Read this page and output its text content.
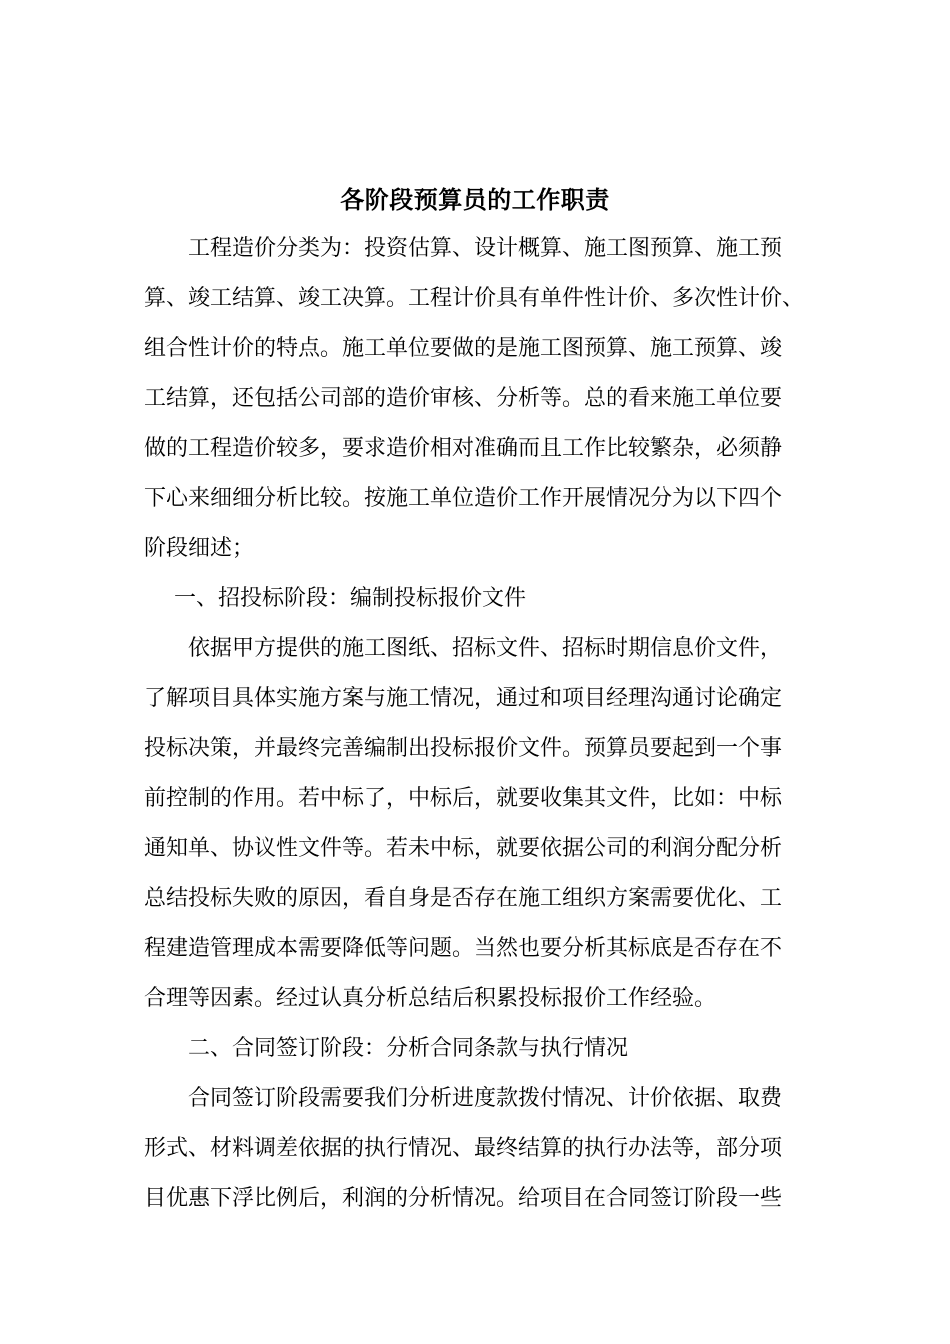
各阶段预算员的工作职责
工程造价分类为：投资估算、设计概算、施工图预算、施工预
算、竣工结算、竣工决算。工程计价具有单件性计价、多次性计价、
组合性计价的特点。施工单位要做的是施工图预算、施工预算、竣
工结算，还包括公司部的造价审核、分析等。总的看来施工单位要
做的工程造价较多，要求造价相对准确而且工作比较繁杂，必须静
下心来细细分析比较。按施工单位造价工作开展情况分为以下四个
阶段细述；
一、招投标阶段：编制投标报价文件
依据甲方提供的施工图纸、招标文件、招标时期信息价文件，
了解项目具体实施方案与施工情况，通过和项目经理沟通讨论确定
投标决策，并最终完善编制出投标报价文件。预算员要起到一个事
前控制的作用。若中标了，中标后，就要收集其文件，比如：中标
通知单、协议性文件等。若未中标，就要依据公司的利润分配分析
总结投标失败的原因，看自身是否存在施工组织方案需要优化、工
程建造管理成本需要降低等问题。当然也要分析其标底是否存在不
合理等因素。经过认真分析总结后积累投标报价工作经验。
二、合同签订阶段：分析合同条款与执行情况
合同签订阶段需要我们分析进度款拨付情况、计价依据、取费
形式、材料调差依据的执行情况、最终结算的执行办法等，部分项
目优惠下浮比例后，利润的分析情况。给项目在合同签订阶段一些
